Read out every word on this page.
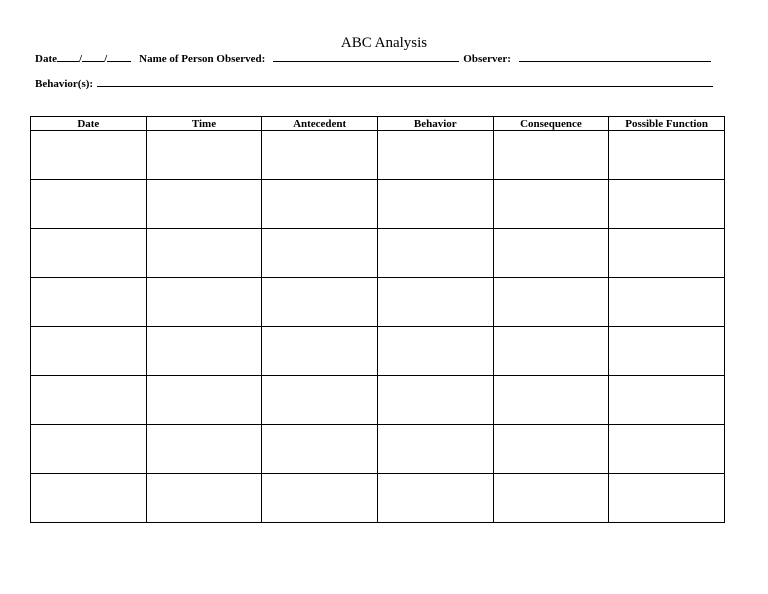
ABC Analysis
Date / /	Name of Person Observed:	Observer:
Behavior(s):
Date	Time	Antecedent	Behavior	Consequence	Possible Function
